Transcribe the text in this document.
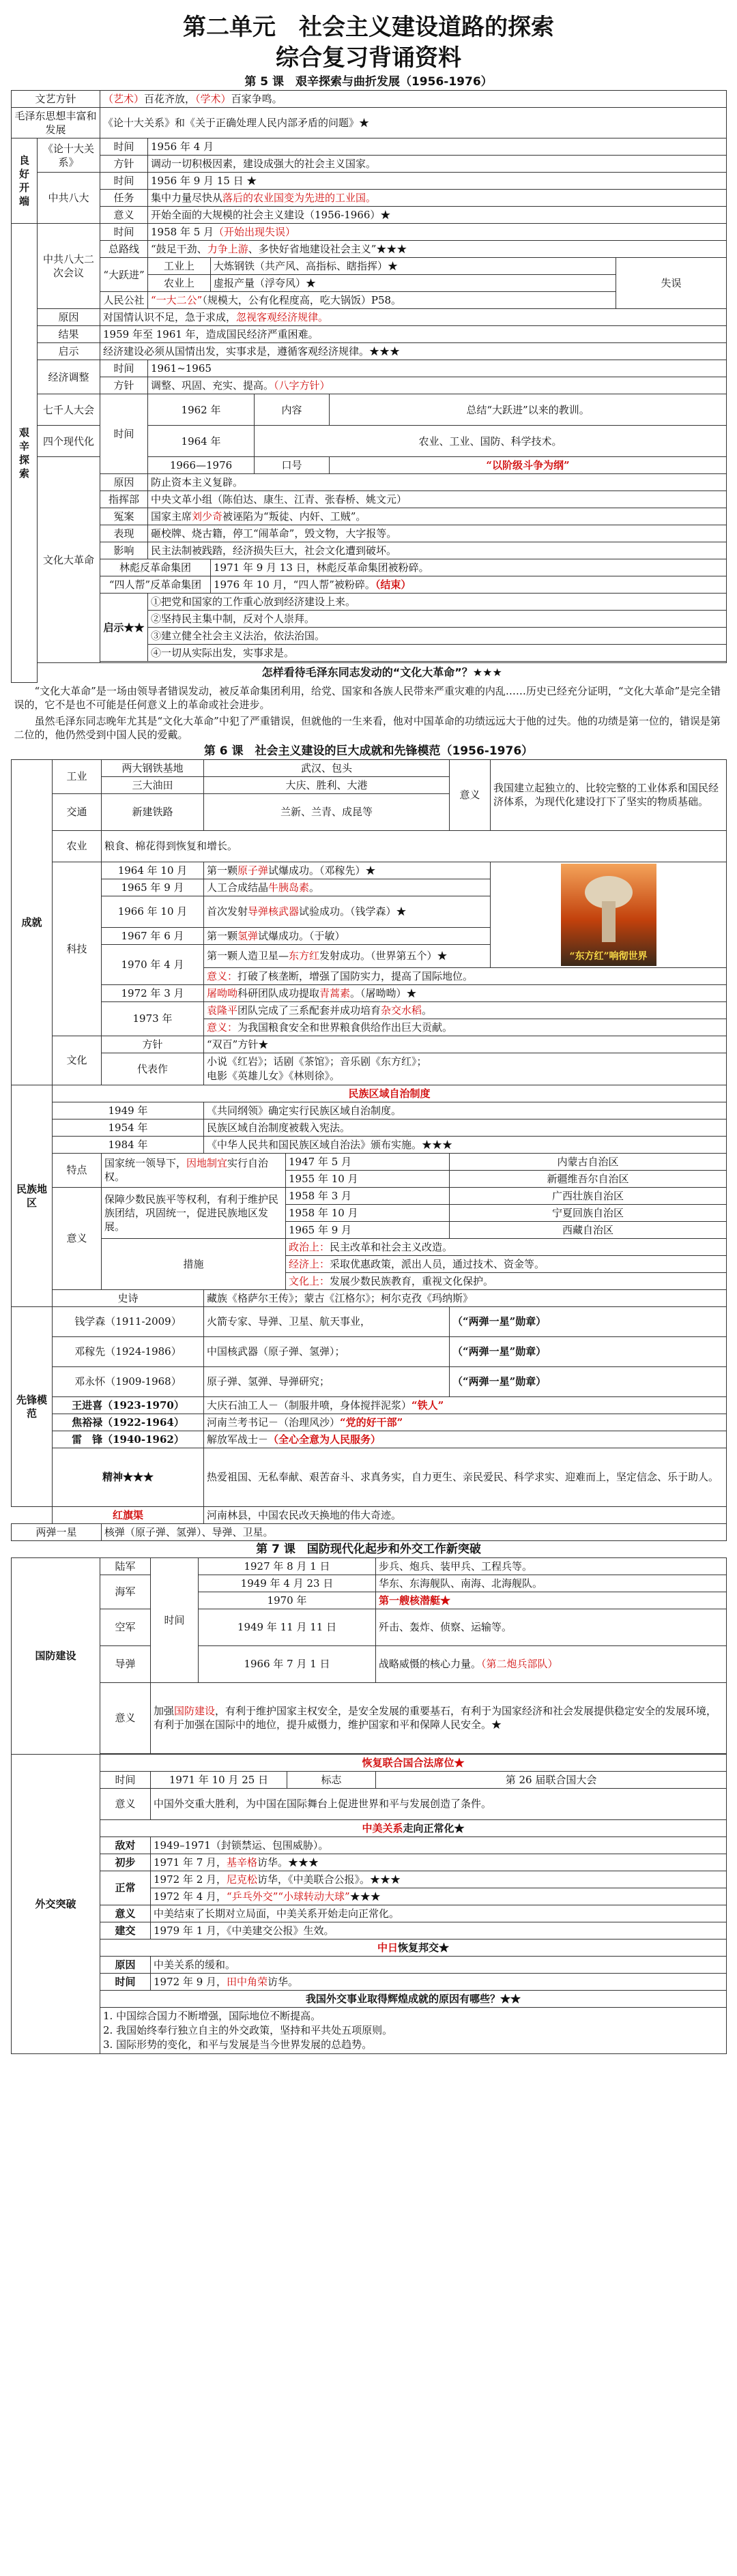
第二单元　社会主义建设道路的探索
综合复习背诵资料
第 5 课　艰辛探索与曲折发展（1956-1976）
文艺方针		（艺术）百花齐放，（学术）百家争鸣。					
毛泽东思想丰富和发展		《论十大关系》和《关于正确处理人民内部矛盾的问题》★					
良好开端	《论十大关系》	时间	1956 年 4 月				
		方针	调动一切积极因素，建设成强大的社会主义国家。				
	中共八大	时间	1956 年 9 月 15 日 ★				
		任务	集中力量尽快从落后的农业国变为先进的工业国。				
		意义	开始全面的大规模的社会主义建设（1956-1966）★				
艰辛探索	中共八大二次会议	时间	1958 年 5 月（开始出现失误）				
		总路线	“鼓足干劲、力争上游、多快好省地建设社会主义”★★★				
		“大跃进”	工业上	大炼钢铁（共产风、高指标、瞎指挥）★			失误
			农业上	虚报产量（浮夸风）★			
		人民公社	“一大二公”（规模大，公有化程度高，吃大锅饭）P58。				
	原因	对国情认识不足，急于求成，忽视客观经济规律。					
	结果	1959 年至 1961 年，造成国民经济严重困难。					
	启示	经济建设必须从国情出发，实事求是，遵循客观经济规律。★★★					
	经济调整	时间	1961~1965				
		方针	调整、巩固、充实、提高。（八字方针）				
	七千人大会	时间	1962 年		内容	总结“大跃进”以来的教训。	
	四个现代化		1964 年		农业、工业、国防、科学技术。		
	文化大革命		1966—1976		口号	“以阶级斗争为纲”	
		原因	防止资本主义复辟。				
		指挥部	中央文革小组（陈伯达、康生、江青、张春桥、姚文元）				
		冤案	国家主席刘少奇被诬陷为“叛徒、内奸、工贼”。				
		表现	砸校牌、烧古籍，停工“闹革命”，毁文物，大字报等。				
		影响	民主法制被践踏，经济损失巨大，社会文化遭到破坏。				
		林彪反革命集团		1971 年 9 月 13 日，林彪反革命集团被粉碎。			
		“四人帮”反革命集团		1976 年 10 月，“四人帮”被粉碎。（结束）			
		启示★★	①把党和国家的工作重心放到经济建设上来。				
			②坚持民主集中制，反对个人崇拜。				
			③建立健全社会主义法治，依法治国。				
			④一切从实际出发，实事求是。				

	怎样看待毛泽东同志发动的“文化大革命”？★★★						
“文化大革命”是一场由领导者错误发动，被反革命集团利用，给党、国家和各族人民带来严重灾难的内乱……历史已经充分证明，“文化大革命”是完全错误的，它不是也不可能是任何意义上的革命或社会进步。							
虽然毛泽东同志晚年尤其是“文化大革命”中犯了严重错误，但就他的一生来看，他对中国革命的功绩远远大于他的过失。他的功绩是第一位的，错误是第二位的，他仍然受到中国人民的爱戴。							
第 6 课　社会主义建设的巨大成就和先锋模范（1956-1976）
成就	工业	两大钢铁基地	武汉、包头		意义	我国建立起独立的、比较完整的工业体系和国民经济体系，为现代化建设打下了坚实的物质基础。
		三大油田	大庆、胜利、大港			
	交通	新建铁路	兰新、兰青、成昆等			
	农业	粮食、棉花得到恢复和增长。				
	科技	1964 年 10 月	第一颗原子弹试爆成功。（邓稼先）★			“东方红”响彻世界

		1965 年 9 月	人工合成结晶牛胰岛素。			
		1966 年 10 月	首次发射导弹核武器试验成功。（钱学森）★			
		1967 年 6 月	第一颗氢弹试爆成功。（于敏）			
		1970 年 4 月	第一颗人造卫星—东方红发射成功。（世界第五个）★			
			意义：打破了核垄断，增强了国防实力，提高了国际地位。			
		1972 年 3 月	屠呦呦科研团队成功提取青蒿素。（屠呦呦）★			
		1973 年	袁隆平团队完成了三系配套并成功培育杂交水稻。			
			意义：为我国粮食安全和世界粮食供给作出巨大贡献。			
	文化	方针	“双百”方针★			
		代表作	小说《红岩》；话剧《茶馆》；音乐剧《东方红》；
电影《英雄儿女》《林则徐》。			

民族地区	民族区域自治制度					
	1949 年		《共同纲领》确定实行民族区域自治制度。			
	1954 年		民族区域自治制度被载入宪法。			
	1984 年		《中华人民共和国民族区域自治法》颁布实施。★★★			
	特点	国家统一领导下，因地制宜实行自治权。		1947 年 5 月	内蒙古自治区	
				1955 年 10 月	新疆维吾尔自治区	
	意义	保障少数民族平等权利，有利于维护民族团结，巩固统一，促进民族地区发展。		1958 年 3 月	广西壮族自治区	
				1958 年 10 月	宁夏回族自治区	
				1965 年 9 月	西藏自治区	
		措施		政治上：民主改革和社会主义改造。		
				经济上：采取优惠政策，派出人员，通过技术、资金等。		
				文化上：发展少数民族教育，重视文化保护。		
	史诗		藏族《格萨尔王传》；蒙古《江格尔》；柯尔克孜《玛纳斯》			
先锋模范	钱学森（1911-2009）		火箭专家、导弹、卫星、航天事业，		（“两弹一星”勋章）	
	邓稼先（1924-1986）		中国核武器（原子弹、氢弹）；		（“两弹一星”勋章）	
	邓永怀（1909-1968）		原子弹、氢弹、导弹研究；		（“两弹一星”勋章）	
	王进喜（1923-1970）		大庆石油工人－（制服井喷，身体搅拌泥浆）“铁人”			
	焦裕禄（1922-1964）		河南兰考书记－（治理风沙）“党的好干部”			
	雷　锋（1940-1962）		解放军战士－（全心全意为人民服务）			
	精神★★★		热爱祖国、无私奉献、艰苦奋斗、求真务实，自力更生、亲民爱民、科学求实、迎难而上，坚定信念、乐于助人。			
	红旗渠		河南林县，中国农民改天换地的伟大奇迹。			
两弹一星		核弹（原子弹、氢弹）、导弹、卫星。				
第 7 课　国防现代化起步和外交工作新突破
国防建设	陆军	时间	1927 年 8 月 1 日		步兵、炮兵、装甲兵、工程兵等。
	海军		1949 年 4 月 23 日		华东、东海舰队、南海、北海舰队。
			1970 年		第一艘核潜艇★
	空军		1949 年 11 月 11 日		歼击、轰炸、侦察、运输等。
	导弹		1966 年 7 月 1 日		战略威慑的核心力量。（第二炮兵部队）
	意义	加强国防建设，有利于维护国家主权安全，是安全发展的重要基石，有利于为国家经济和社会发展提供稳定安全的发展环境，有利于加强在国际中的地位，提升威慑力，维护国家和平和保障人民安全。★			

外交突破	恢复联合国合法席位★				
	时间	1971 年 10 月 25 日		标志	第 26 届联合国大会
	意义	中国外交重大胜利，为中国在国际舞台上促进世界和平与发展创造了条件。			
	中美关系走向正常化★				
	敌对	1949–1971（封锁禁运、包围威胁）。			
	初步	1971 年 7 月，基辛格访华。★★★			
	正常	1972 年 2 月，尼克松访华，《中美联合公报》。★★★			
		1972 年 4 月，“乒乓外交”“小球转动大球”★★★			
	意义	中美结束了长期对立局面，中美关系开始走向正常化。			
	建交	1979 年 1 月，《中美建交公报》生效。			
	中日恢复邦交★				
	原因	中美关系的缓和。			
	时间	1972 年 9 月，田中角荣访华。			
	我国外交事业取得辉煌成就的原因有哪些？★★				

	1. 中国综合国力不断增强，国际地位不断提高。
2. 我国始终奉行独立自主的外交政策，坚持和平共处五项原则。
3. 国际形势的变化，和平与发展是当今世界发展的总趋势。				
